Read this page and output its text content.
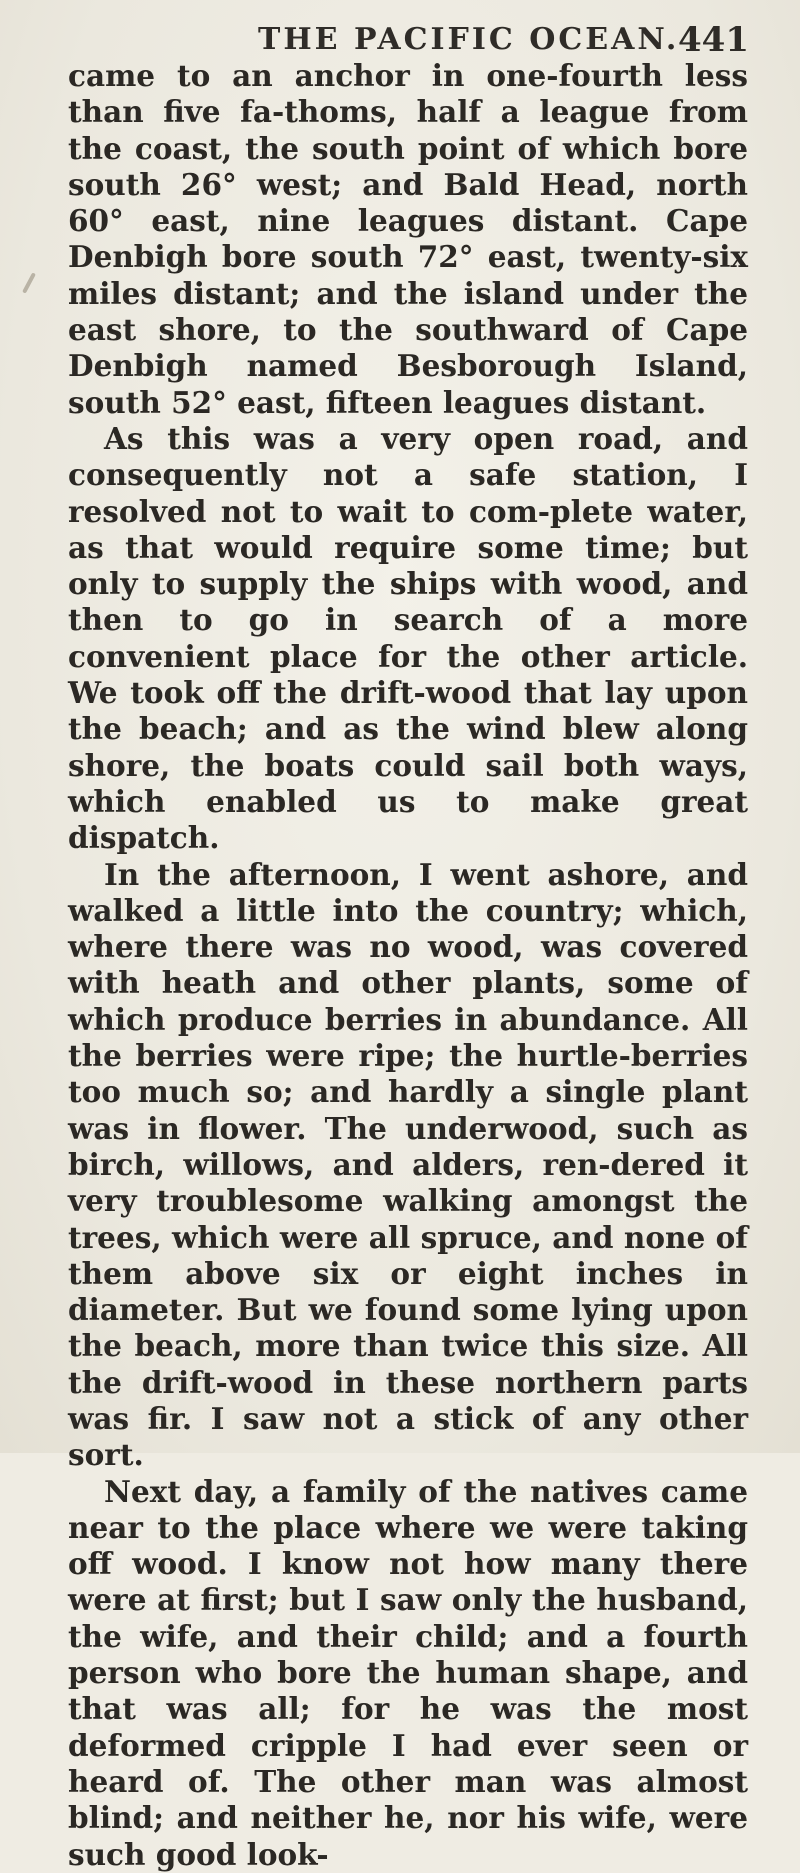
THE PACIFIC OCEAN.
441

came to an anchor in one-fourth less than five fa-thoms, half a league from the coast, the south point of which bore south 26° west; and Bald Head, north 60° east, nine leagues distant. Cape Denbigh bore south 72° east, twenty-six miles distant; and the island under the east shore, to the southward of Cape Denbigh named Besborough Island, south 52° east, fifteen leagues distant.

As this was a very open road, and consequently not a safe station, I resolved not to wait to com-plete water, as that would require some time; but only to supply the ships with wood, and then to go in search of a more convenient place for the other article. We took off the drift-wood that lay upon the beach; and as the wind blew along shore, the boats could sail both ways, which enabled us to make great dispatch.

In the afternoon, I went ashore, and walked a little into the country; which, where there was no wood, was covered with heath and other plants, some of which produce berries in abundance. All the berries were ripe; the hurtle-berries too much so; and hardly a single plant was in flower. The underwood, such as birch, willows, and alders, ren-dered it very troublesome walking amongst the trees, which were all spruce, and none of them above six or eight inches in diameter. But we found some lying upon the beach, more than twice this size. All the drift-wood in these northern parts was fir. I saw not a stick of any other sort.

Next day, a family of the natives came near to the place where we were taking off wood. I know not how many there were at first; but I saw only the husband, the wife, and their child; and a fourth person who bore the human shape, and that was all; for he was the most deformed cripple I had ever seen or heard of. The other man was almost blind; and neither he, nor his wife, were such good look-
